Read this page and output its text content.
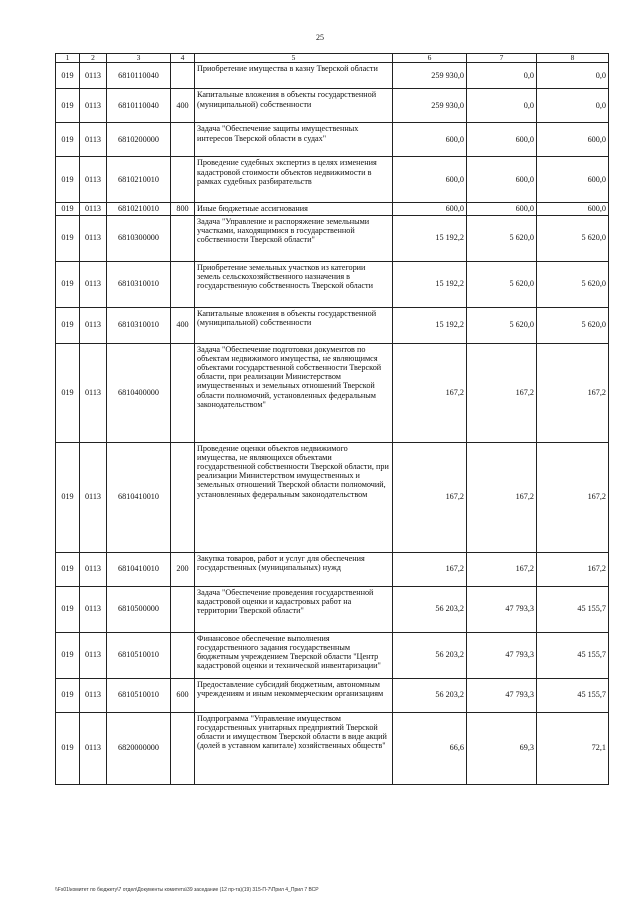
25
1	2	3	4	5	6	7	8
019	0113	6810110040		Приобретение имущества в казну Тверской области	259 930,0	0,0	0,0
019	0113	6810110040	400	Капитальные вложения в объекты государственной (муниципальной) собственности	259 930,0	0,0	0,0
019	0113	6810200000		Задача "Обеспечение защиты имущественных интересов Тверской области в судах"	600,0	600,0	600,0
019	0113	6810210010		Проведение судебных экспертиз в целях изменения кадастровой стоимости объектов недвижимости в рамках судебных разбирательств	600,0	600,0	600,0
019	0113	6810210010	800	Иные бюджетные ассигнования	600,0	600,0	600,0
019	0113	6810300000		Задача "Управление и распоряжение земельными участками, находящимися в государственной собственности Тверской области"	15 192,2	5 620,0	5 620,0
019	0113	6810310010		Приобретение земельных участков из категории земель сельскохозяйственного назначения в государственную собственность Тверской области	15 192,2	5 620,0	5 620,0
019	0113	6810310010	400	Капитальные вложения в объекты государственной (муниципальной) собственности	15 192,2	5 620,0	5 620,0
019	0113	6810400000		Задача "Обеспечение подготовки документов по объектам недвижимого имущества, не являющимся объектами государственной собственности Тверской области, при реализации Министерством имущественных и земельных отношений Тверской области полномочий, установленных федеральным законодательством"	167,2	167,2	167,2
019	0113	6810410010		Проведение оценки объектов недвижимого имущества, не являющихся объектами государственной собственности Тверской области, при реализации Министерством имущественных и земельных отношений Тверской области полномочий, установленных федеральным законодательством	167,2	167,2	167,2
019	0113	6810410010	200	Закупка товаров, работ и услуг для обеспечения государственных (муниципальных) нужд	167,2	167,2	167,2
019	0113	6810500000		Задача "Обеспечение проведения государственной кадастровой оценки и кадастровых работ на территории Тверской области"	56 203,2	47 793,3	45 155,7
019	0113	6810510010		Финансовое обеспечение выполнения государственного задания государственным бюджетным учреждением Тверской области "Центр кадастровой оценки и технической инвентаризации"	56 203,2	47 793,3	45 155,7
019	0113	6810510010	600	Предоставление субсидий бюджетным, автономным учреждениям и иным некоммерческим организациям	56 203,2	47 793,3	45 155,7
019	0113	6820000000		Подпрограмма "Управление имуществом государственных унитарных предприятий Тверской области и имуществом Тверской области в виде акций (долей в уставном капитале) хозяйственных обществ"	66,6	69,3	72,1
\\Fs01\комитет по бюджету\7 отдел\Документы комитета\39 заседание (12 пр-та)(19) 315-П-7\Прил 4_Прил 7 ВСР
